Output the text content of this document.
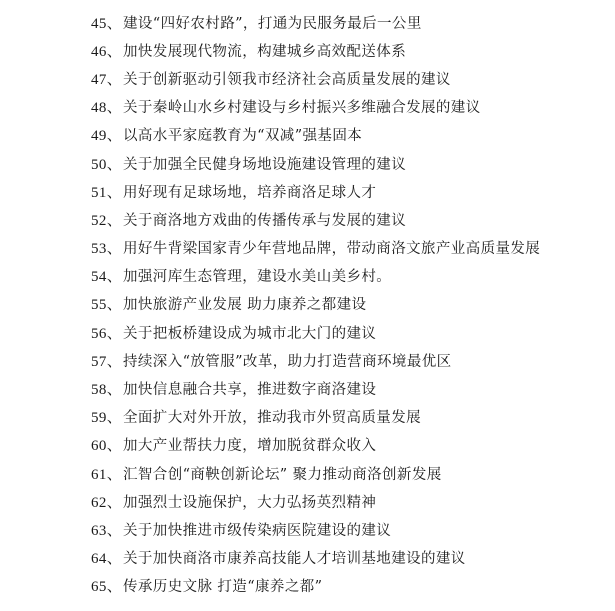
45、 建设“四好农村路”，打通为民服务最后一公里
46、 加快发展现代物流，构建城乡高效配送体系
47、 关于创新驱动引领我市经济社会高质量发展的建议
48、 关于秦岭山水乡村建设与乡村振兴多维融合发展的建议
49、 以高水平家庭教育为“双减”强基固本
50、 关于加强全民健身场地设施建设管理的建议
51、 用好现有足球场地，培养商洛足球人才
52、 关于商洛地方戏曲的传播传承与发展的建议
53、 用好牛背梁国家青少年营地品牌，带动商洛文旅产业高质量发展
54、 加强河库生态管理，建设水美山美乡村。
55、 加快旅游产业发展 助力康养之都建设
56、 关于把板桥建设成为城市北大门的建议
57、 持续深入“放管服”改革，助力打造营商环境最优区
58、 加快信息融合共享，推进数字商洛建设
59、 全面扩大对外开放，推动我市外贸高质量发展
60、 加大产业帮扶力度，增加脱贫群众收入
61、 汇智合创“商鞅创新论坛” 聚力推动商洛创新发展
62、 加强烈士设施保护，大力弘扬英烈精神
63、 关于加快推进市级传染病医院建设的建议
64、 关于加快商洛市康养高技能人才培训基地建设的建议
65、 传承历史文脉 打造“康养之都”
